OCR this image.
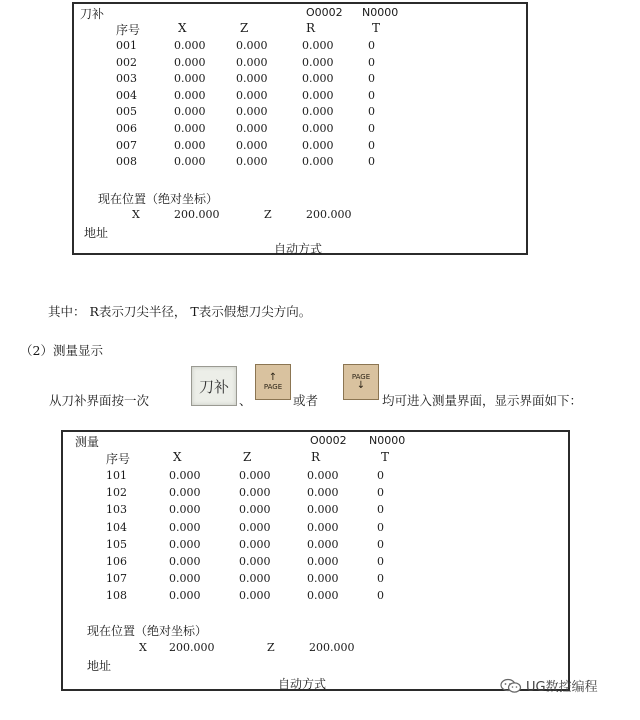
刀补	O0002 N0000
序号	X	Z	R	T
001	0.000	0.000	0.000	0
002	0.000	0.000	0.000	0
003	0.000	0.000	0.000	0
004	0.000	0.000	0.000	0
005	0.000	0.000	0.000	0
006	0.000	0.000	0.000	0
007	0.000	0.000	0.000	0
008	0.000	0.000	0.000	0
现在位置（绝对坐标）
X	200.000	Z	200.000
地址
自动方式
其中： R表示刀尖半径， T表示假想刀尖方向。
（2）测量显示
从刀补界面按一次
刀补
、
↑
PAGE
或者
PAGE
↓
均可进入测量界面，显示界面如下：
测量	O0002 N0000
序号	X	Z	R	T
101	0.000	0.000	0.000	0
102	0.000	0.000	0.000	0
103	0.000	0.000	0.000	0
104	0.000	0.000	0.000	0
105	0.000	0.000	0.000	0
106	0.000	0.000	0.000	0
107	0.000	0.000	0.000	0
108	0.000	0.000	0.000	0
现在位置（绝对坐标）
X 200.000	Z	200.000
地址
自动方式	UG数控编程
